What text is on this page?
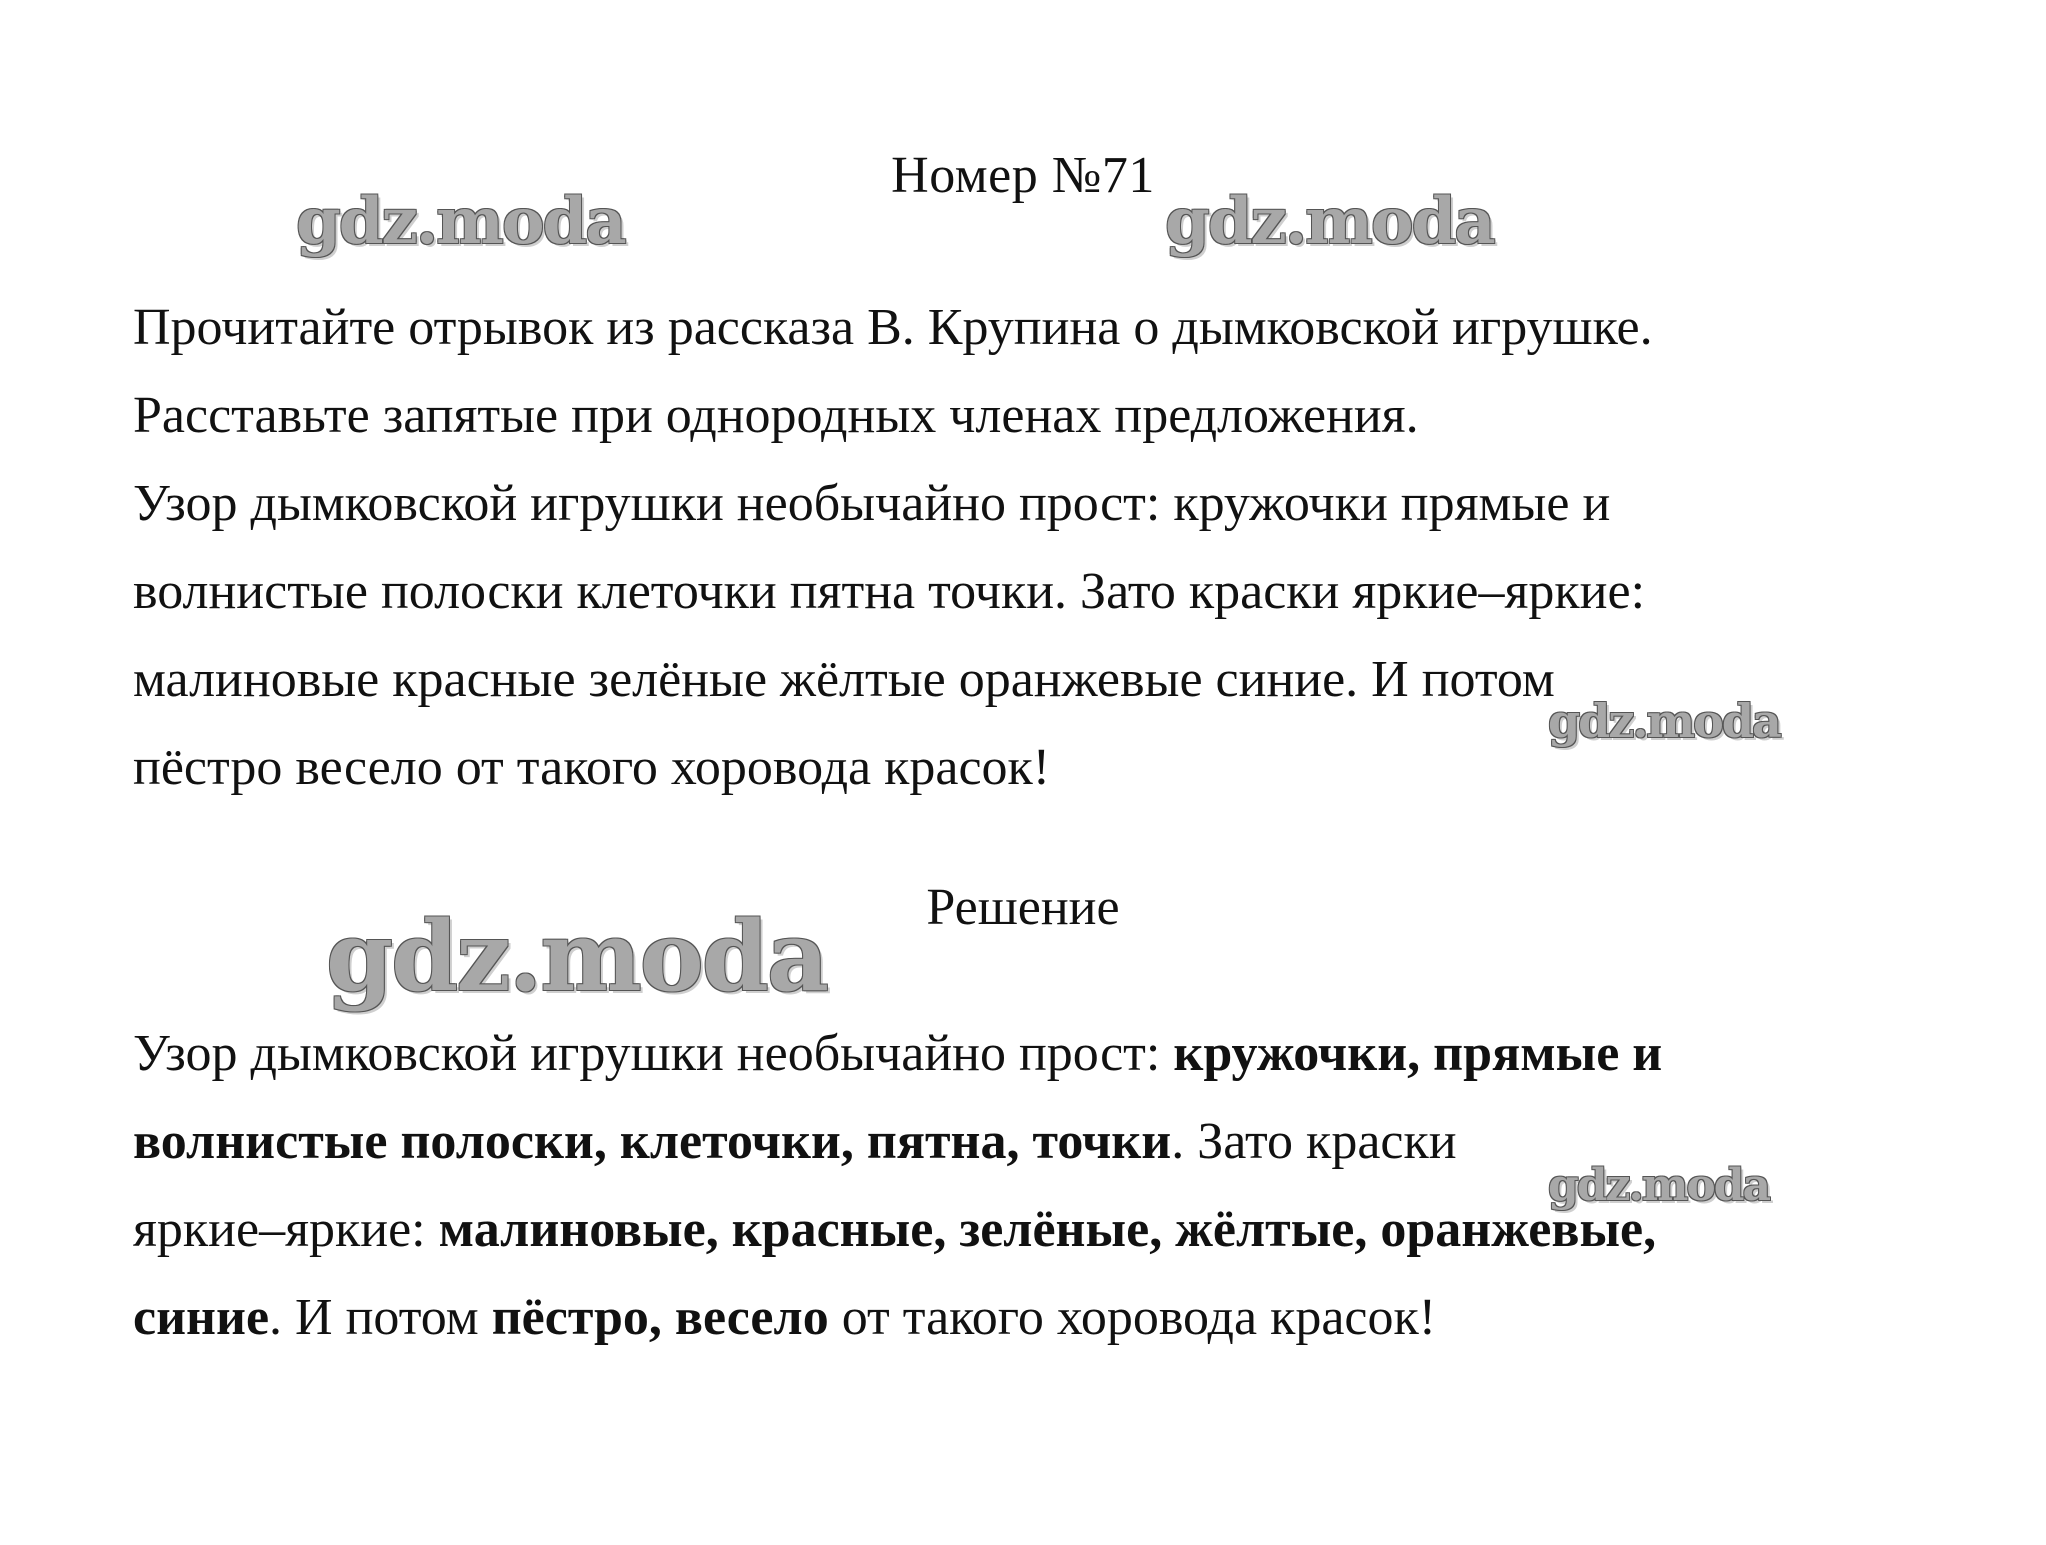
Номер №71
gdz.moda	gdz.moda
Прочитайте отрывок из рассказа В. Крупина о дымковской игрушке.
Расставьте запятые при однородных членах предложения.
Узор дымковской игрушки необычайно прост: кружочки прямые и
волнистые полоски клеточки пятна точки. Зато краски яркие–яркие:
малиновые красные зелёные жёлтые оранжевые синие. И потом
пёстро весело от такого хоровода красок!
gdz.moda
Решение
gdz.moda
Узор дымковской игрушки необычайно прост: кружочки, прямые и
волнистые полоски, клеточки, пятна, точки. Зато краски
яркие–яркие: малиновые, красные, зелёные, жёлтые, оранжевые,
синие. И потом пёстро, весело от такого хоровода красок!
gdz.moda
